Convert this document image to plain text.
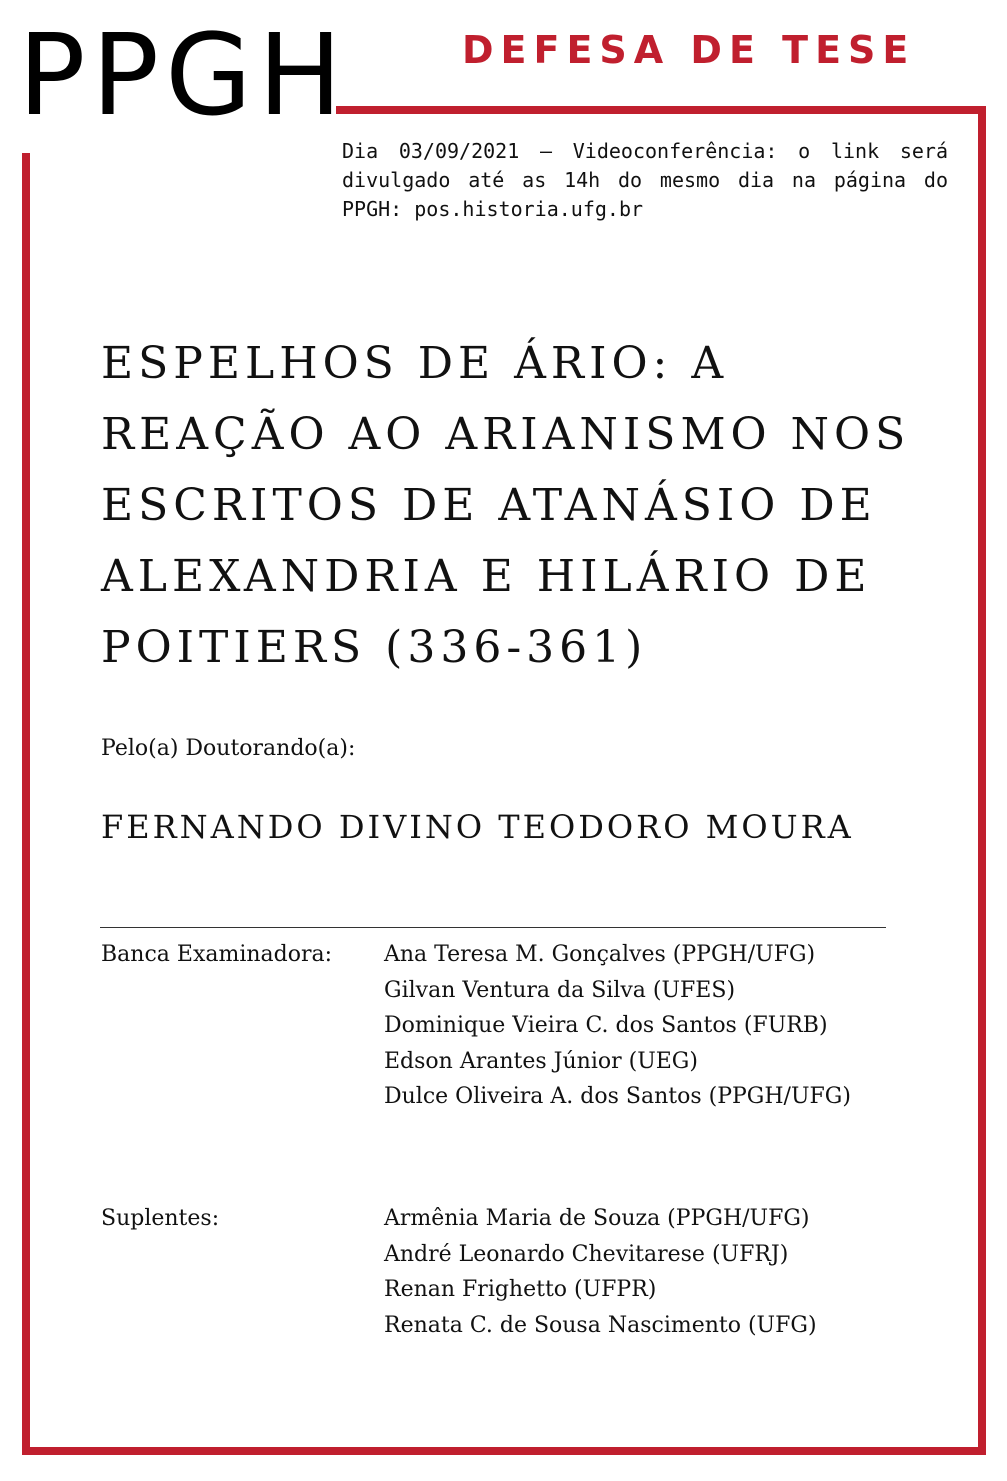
PPGH	DEFESA DE TESE
Dia 03/09/2021 – Videoconferência: o link será divulgado até as 14h do mesmo dia na página do PPGH: pos.historia.ufg.br
ESPELHOS DE ÁRIO: A
REAÇÃO AO ARIANISMO NOS
ESCRITOS DE ATANÁSIO DE
ALEXANDRIA E HILÁRIO DE
POITIERS (336-361)
Pelo(a) Doutorando(a):
FERNANDO DIVINO TEODORO MOURA
Banca Examinadora: Ana Teresa M. Gonçalves (PPGH/UFG)
Gilvan Ventura da Silva (UFES)
Dominique Vieira C. dos Santos (FURB)
Edson Arantes Júnior (UEG)
Dulce Oliveira A. dos Santos (PPGH/UFG)
Suplentes:	Armênia Maria de Souza (PPGH/UFG)
André Leonardo Chevitarese (UFRJ)
Renan Frighetto (UFPR)
Renata C. de Sousa Nascimento (UFG)
